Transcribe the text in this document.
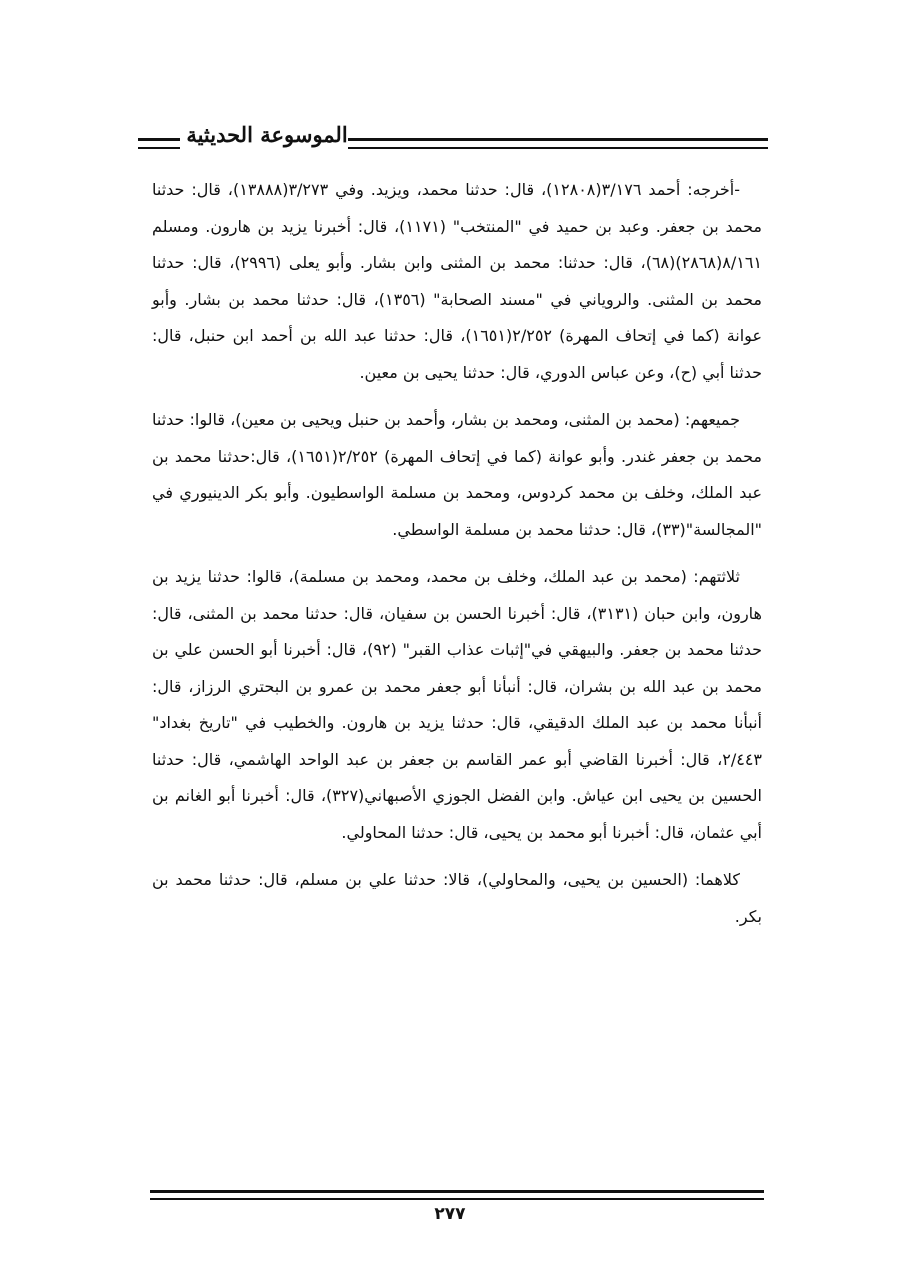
الموسوعة الحديثية

-أخرجه: أحمد ٣/١٧٦(١٢٨٠٨)، قال: حدثنا محمد، ويزيد. وفي ٣/٢٧٣(١٣٨٨٨)، قال: حدثنا محمد بن جعفر. وعبد بن حميد في "المنتخب" (١١٧١)، قال: أخبرنا يزيد بن هارون. ومسلم ٨/١٦١(٢٨٦٨)(٦٨)، قال: حدثنا: محمد بن المثنى وابن بشار. وأبو يعلى (٢٩٩٦)، قال: حدثنا محمد بن المثنى. والروياني في "مسند الصحابة" (١٣٥٦)، قال: حدثنا محمد بن بشار. وأبو عوانة (كما في إتحاف المهرة) ٢/٢٥٢(١٦٥١)، قال: حدثنا عبد الله بن أحمد ابن حنبل، قال: حدثنا أبي (ح)، وعن عباس الدوري، قال: حدثنا يحيى بن معين.

جميعهم: (محمد بن المثنى، ومحمد بن بشار، وأحمد بن حنبل ويحيى بن معين)، قالوا: حدثنا محمد بن جعفر غندر. وأبو عوانة (كما في إتحاف المهرة) ٢/٢٥٢(١٦٥١)، قال:حدثنا محمد بن عبد الملك، وخلف بن محمد كردوس، ومحمد بن مسلمة الواسطيون. وأبو بكر الدينيوري في "المجالسة"(٣٣)، قال: حدثنا محمد بن مسلمة الواسطي.

ثلاثتهم: (محمد بن عبد الملك، وخلف بن محمد، ومحمد بن مسلمة)، قالوا: حدثنا يزيد بن هارون، وابن حبان (٣١٣١)، قال: أخبرنا الحسن بن سفيان، قال: حدثنا محمد بن المثنى، قال: حدثنا محمد بن جعفر. والبيهقي في"إثبات عذاب القبر" (٩٢)، قال: أخبرنا أبو الحسن علي بن محمد بن عبد الله بن بشران، قال: أنبأنا أبو جعفر محمد بن عمرو بن البحتري الرزاز، قال: أنبأنا محمد بن عبد الملك الدقيقي، قال: حدثنا يزيد بن هارون. والخطيب في "تاريخ بغداد" ٢/٤٤٣، قال: أخبرنا القاضي أبو عمر القاسم بن جعفر بن عبد الواحد الهاشمي، قال: حدثنا الحسين بن يحيى ابن عياش. وابن الفضل الجوزي الأصبهاني(٣٢٧)، قال: أخبرنا أبو الغانم بن أبي عثمان، قال: أخبرنا أبو محمد بن يحيى، قال: حدثنا المحاولي.

كلاهما: (الحسين بن يحيى، والمحاولي)، قالا: حدثنا علي بن مسلم، قال: حدثنا محمد بن بكر.

٢٧٧
